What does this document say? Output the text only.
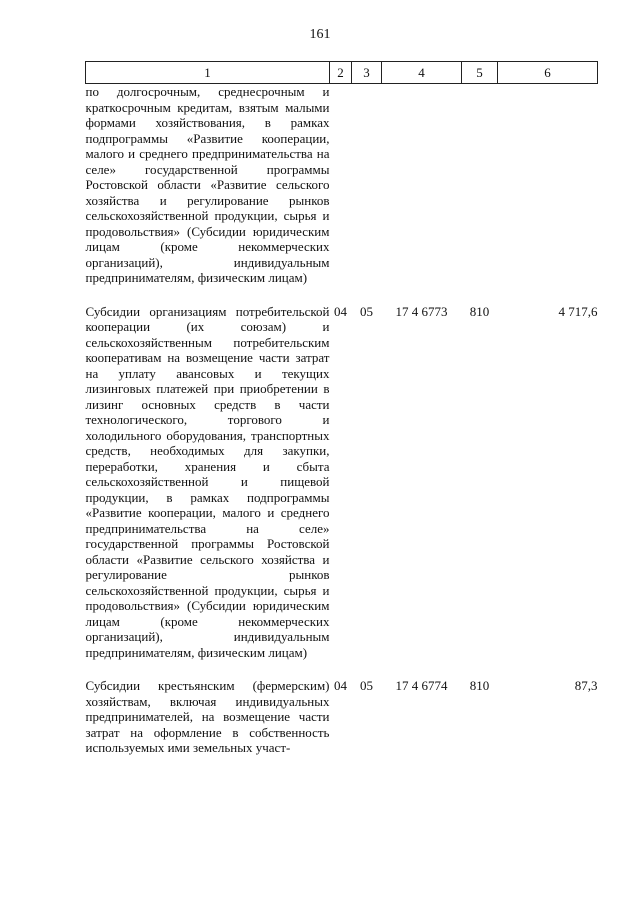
161
1	2	3	4	5	6
по долгосрочным, среднесрочным и краткосрочным кредитам, взятым малыми формами хозяйствования, в рамках подпрограммы «Развитие кооперации, малого и среднего предпринимательства на селе» государственной программы Ростовской области «Развитие сельского хозяйства и регулирование рынков сельскохозяйственной продукции, сырья и продовольствия» (Субсидии юридическим лицам (кроме некоммерческих организаций), индивидуальным предпринимателям, физическим лицам)					

Субсидии организациям потребительской кооперации (их союзам) и сельскохозяйственным потребительским кооперативам на возмещение части затрат на уплату авансовых и текущих лизинговых платежей при приобретении в лизинг основных средств в части технологического, торгового и холодильного оборудования, транспортных средств, необходимых для закупки, переработки, хранения и сбыта сельскохозяйственной и пищевой продукции, в рамках подпрограммы «Развитие кооперации, малого и среднего предпринимательства на селе» государственной программы Ростовской области «Развитие сельского хозяйства и регулирование рынков сельскохозяйственной продукции, сырья и продовольствия» (Субсидии юридическим лицам (кроме некоммерческих организаций), индивидуальным предпринимателям, физическим лицам)	04	05	17 4 6773	810	4 717,6

Субсидии крестьянским (фермерским) хозяйствам, включая индивидуальных предпринимателей, на возмещение части затрат на оформление в собственность используемых ими земельных участ-	04	05	17 4 6774	810	87,3
